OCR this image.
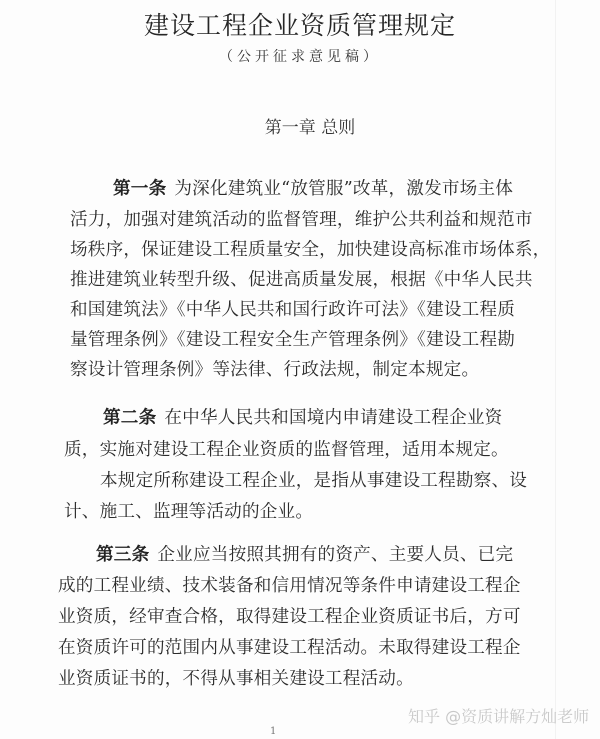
建设工程企业资质管理规定
（公开征求意见稿）
第一章 总则
第一条 为深化建筑业“放管服”改革，激发市场主体
活力，加强对建筑活动的监督管理，维护公共利益和规范市
场秩序，保证建设工程质量安全，加快建设高标准市场体系，
推进建筑业转型升级、促进高质量发展，根据《中华人民共
和国建筑法》《中华人民共和国行政许可法》《建设工程质
量管理条例》《建设工程安全生产管理条例》《建设工程勘
察设计管理条例》等法律、行政法规，制定本规定。
第二条 在中华人民共和国境内申请建设工程企业资
质，实施对建设工程企业资质的监督管理，适用本规定。
本规定所称建设工程企业，是指从事建设工程勘察、设
计、施工、监理等活动的企业。
第三条 企业应当按照其拥有的资产、主要人员、已完
成的工程业绩、技术装备和信用情况等条件申请建设工程企
业资质，经审查合格，取得建设工程企业资质证书后，方可
在资质许可的范围内从事建设工程活动。未取得建设工程企
业资质证书的，不得从事相关建设工程活动。
1
知乎 @资质讲解方灿老师
